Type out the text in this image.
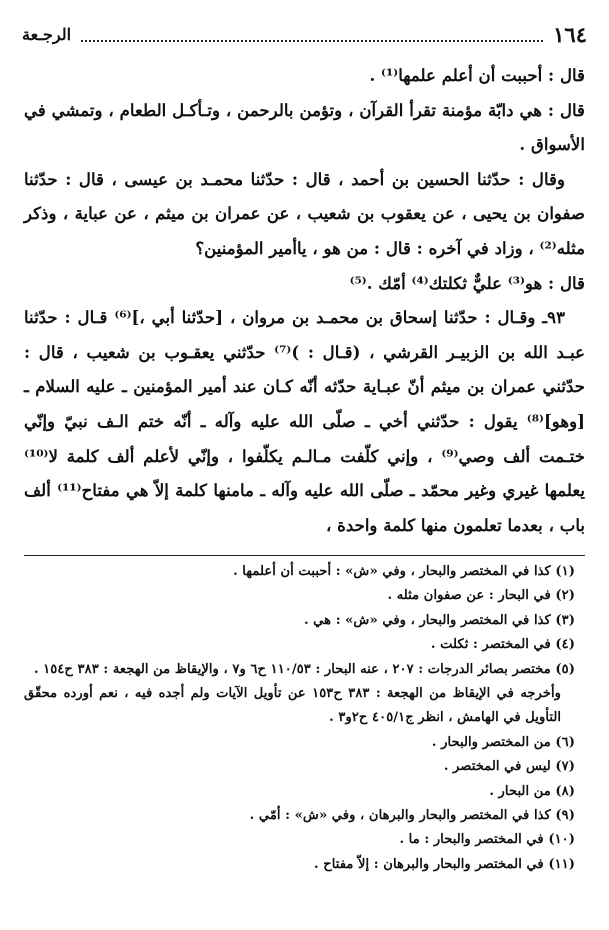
١٦٤
الرجـعة

قال : أحببت أن أعلم علمها⁽¹⁾ .

قال : هي دابّة مؤمنة تقرأ القرآن ، وتؤمن بالرحمن ، وتـأكـل الطعام ، وتمشي في الأسواق .

وقال : حدّثنا الحسين بن أحمد ، قال : حدّثنا محمـد بن عيسى ، قال : حدّثنا صفوان بن يحيى ، عن يعقوب بن شعيب ، عن عمران بن ميثم ، عن عباية ، وذكر مثله⁽²⁾ ، وزاد في آخره : قال : من هو ، ياأمير المؤمنين؟

قال : هو⁽³⁾ عليٌّ ثكلتك⁽⁴⁾ أمّك .⁽⁵⁾

٩٣ـ وقـال : حدّثنا إسحاق بن محمـد بن مروان ، [حدّثنا أبي ،]⁽⁶⁾ قـال : حدّثنا عبـد الله بن الزبيـر القرشي ، (قـال : )⁽⁷⁾ حدّثني يعقـوب بن شعيب ، قال : حدّثني عمران بن ميثم أنّ عبـاية حدّثه أنّه كـان عند أمير المؤمنين ـ عليه السلام ـ [وهو]⁽⁸⁾ يقول : حدّثني أخي ـ صلّى الله عليه وآله ـ أنّه ختم الـف نبيّ وإنّي ختـمت ألف وصي⁽⁹⁾ ، وإني كلّفت مـالـم يكلّفوا ، وإنّي لأعلم ألف كلمة لا⁽¹⁰⁾ يعلمها غيري وغير محمّد ـ صلّى الله عليه وآله ـ مامنها كلمة إلاّ هي مفتاح⁽¹¹⁾ ألف باب ، بعدما تعلمون منها كلمة واحدة ،

(١) كذا في المختصر والبحار ، وفي «ش» : أحببت أن أعلمها .

(٢) في البحار : عن صفوان مثله .

(٣) كذا في المختصر والبحار ، وفي «ش» : هي .

(٤) في المختصر : ثكلت .

(٥) مختصر بصائر الدرجات : ٢٠٧ ، عنه البحار : ١١٠/٥٣ ح٦ و٧ ، والإيقاظ من الهجعة : ٣٨٣ ح١٥٤ .

وأخرجه في الإيقاظ من الهجعة : ٣٨٣ ح١٥٣ عن تأويل الآيات ولم أجده فيه ، نعم أورده محقّق التأويل في الهامش ، انظر ج٤٠٥/١ ح٢و٣ .

(٦) من المختصر والبحار .

(٧) ليس في المختصر .

(٨) من البحار .

(٩) كذا في المختصر والبحار والبرهان ، وفي «ش» : أمّي .

(١٠) في المختصر والبحار : ما .

(١١) في المختصر والبحار والبرهان : إلاّ مفتاح .
